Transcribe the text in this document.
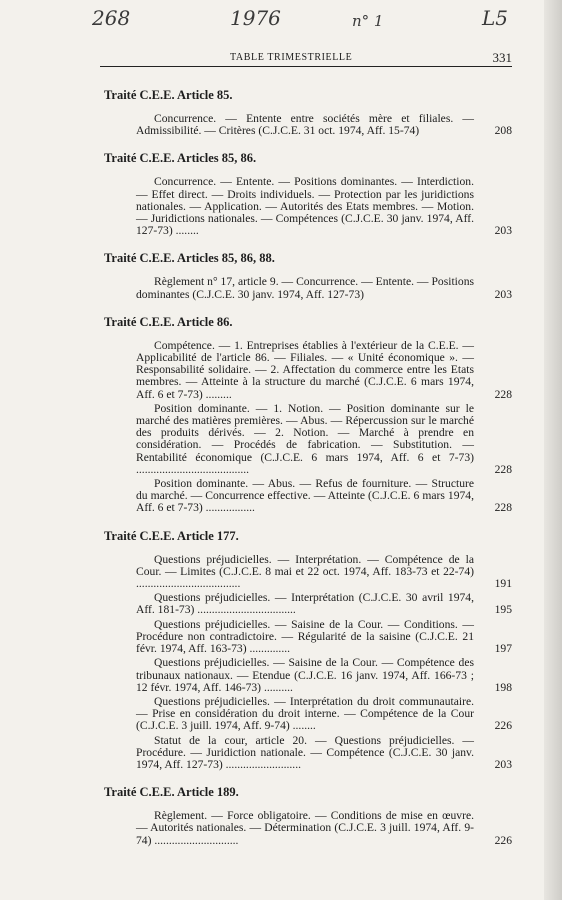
268	1976	n° 1	L5
TABLE TRIMESTRIELLE	331
Traité C.E.E. Article 85.
Concurrence. — Entente entre sociétés mère et filiales. — Admissibilité. — Critères (C.J.C.E. 31 oct. 1974, Aff. 15-74)	208
Traité C.E.E. Articles 85, 86.
Concurrence. — Entente. — Positions dominantes. — Interdiction. — Effet direct. — Droits individuels. — Protection par les juridictions nationales. — Application. — Autorités des Etats membres. — Motion. — Juridictions nationales. — Compétences (C.J.C.E. 30 janv. 1974, Aff. 127-73) ........	203
Traité C.E.E. Articles 85, 86, 88.
Règlement n° 17, article 9. — Concurrence. — Entente. — Positions dominantes (C.J.C.E. 30 janv. 1974, Aff. 127-73)	203
Traité C.E.E. Article 86.
Compétence. — 1. Entreprises établies à l'extérieur de la C.E.E. — Applicabilité de l'article 86. — Filiales. — « Unité économique ». — Responsabilité solidaire. — 2. Affectation du commerce entre les Etats membres. — Atteinte à la structure du marché (C.J.C.E. 6 mars 1974, Aff. 6 et 7-73) .........	228
Position dominante. — 1. Notion. — Position dominante sur le marché des matières premières. — Abus. — Répercussion sur le marché des produits dérivés. — 2. Notion. — Marché à prendre en considération. — Procédés de fabrication. — Substitution. — Rentabilité économique (C.J.C.E. 6 mars 1974, Aff. 6 et 7-73) .......................................	228
Position dominante. — Abus. — Refus de fourniture. — Structure du marché. — Concurrence effective. — Atteinte (C.J.C.E. 6 mars 1974, Aff. 6 et 7-73) .................	228
Traité C.E.E. Article 177.
Questions préjudicielles. — Interprétation. — Compétence de la Cour. — Limites (C.J.C.E. 8 mai et 22 oct. 1974, Aff. 183-73 et 22-74) ....................................	191
Questions préjudicielles. — Interprétation (C.J.C.E. 30 avril 1974, Aff. 181-73) ..................................	195
Questions préjudicielles. — Saisine de la Cour. — Conditions. — Procédure non contradictoire. — Régularité de la saisine (C.J.C.E. 21 févr. 1974, Aff. 163-73) ..............	197
Questions préjudicielles. — Saisine de la Cour. — Compétence des tribunaux nationaux. — Etendue (C.J.C.E. 16 janv. 1974, Aff. 166-73 ; 12 févr. 1974, Aff. 146-73) ..........	198
Questions préjudicielles. — Interprétation du droit communautaire. — Prise en considération du droit interne. — Compétence de la Cour (C.J.C.E. 3 juill. 1974, Aff. 9-74) ........	226
Statut de la cour, article 20. — Questions préjudicielles. — Procédure. — Juridiction nationale. — Compétence (C.J.C.E. 30 janv. 1974, Aff. 127-73) ..........................	203
Traité C.E.E. Article 189.
Règlement. — Force obligatoire. — Conditions de mise en œuvre. — Autorités nationales. — Détermination (C.J.C.E. 3 juill. 1974, Aff. 9-74) .............................	226
